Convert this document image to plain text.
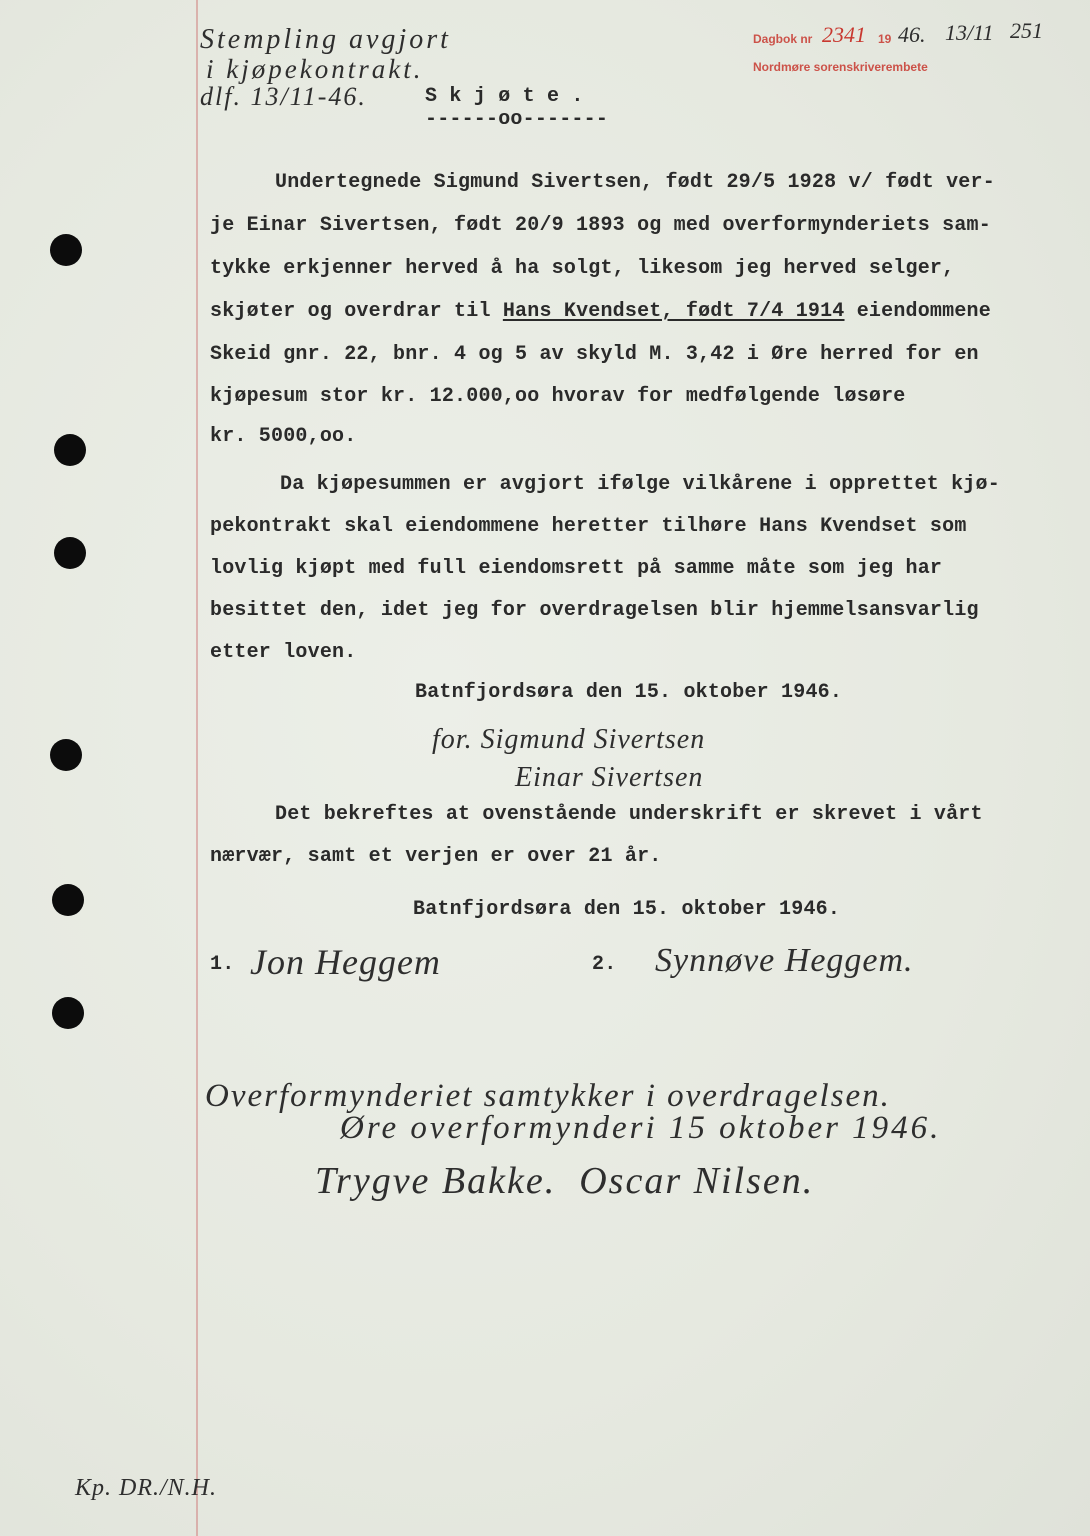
Stempling avgjort
i kjøpekontrakt.
dlf. 13/11-46.
Dagbok nr 2341 19 46. 13/11 251
Nordmøre sorenskriverembete
S k j ø t e .
------oo-------
Undertegnede Sigmund Sivertsen, født 29/5 1928 v/ født ver-
je Einar Sivertsen, født 20/9 1893 og med overformynderiets sam-
tykke erkjenner herved å ha solgt, likesom jeg herved selger,
skjøter og overdrar til Hans Kvendset, født 7/4 1914 eiendommene
Skeid gnr. 22, bnr. 4 og 5 av skyld M. 3,42 i Øre herred for en
kjøpesum stor kr. 12.000,oo hvorav for medfølgende løsøre
kr. 5000,oo.
Da kjøpesummen er avgjort ifølge vilkårene i opprettet kjø-
pekontrakt skal eiendommene heretter tilhøre Hans Kvendset som
lovlig kjøpt med full eiendomsrett på samme måte som jeg har
besittet den, idet jeg for overdragelsen blir hjemmelsansvarlig
etter loven.
Batnfjordsøra den 15. oktober 1946.
for. Sigmund Sivertsen
Einar Sivertsen
Det bekreftes at ovenstående underskrift er skrevet i vårt
nærvær, samt et verjen er over 21 år.
Batnfjordsøra den 15. oktober 1946.
1. Jon Heggem	2. Synnøve Heggem.
Overformynderiet samtykker i overdragelsen.
Øre overformynderi 15 oktober 1946.
Trygve Bakke.  Oscar Nilsen.
Kp. DR./N.H.
